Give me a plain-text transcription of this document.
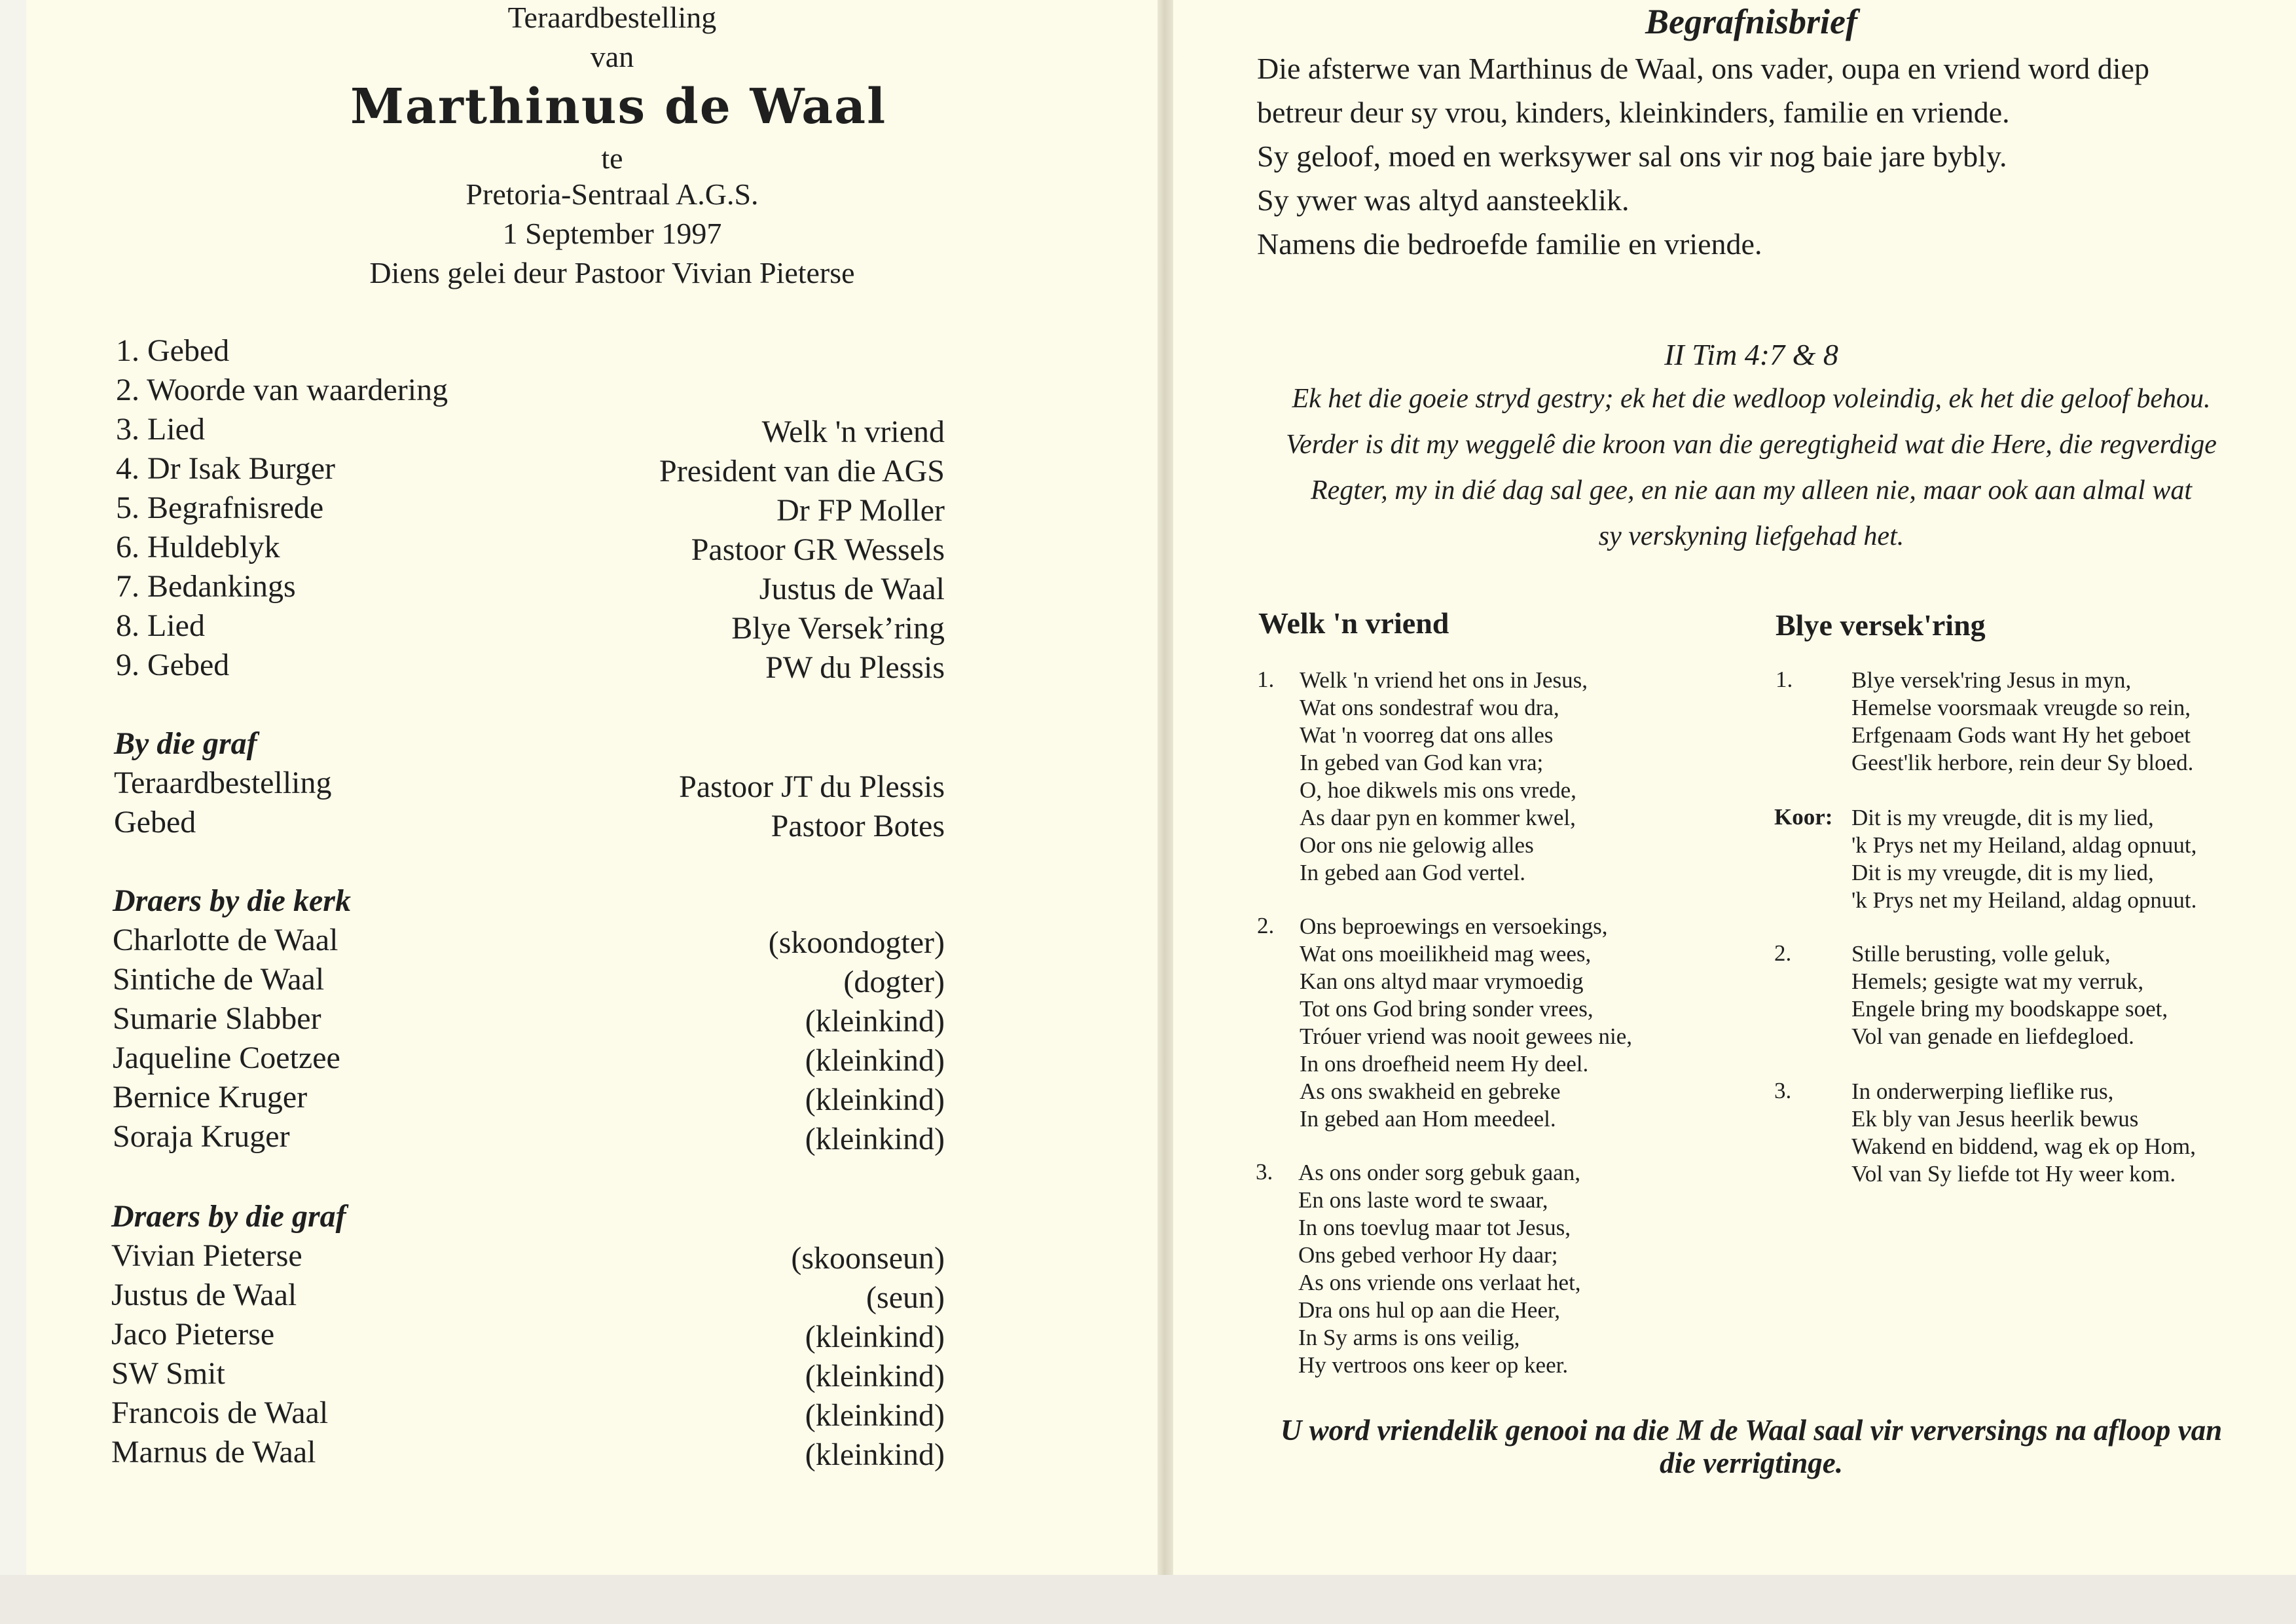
Teraardbestelling
van
Marthinus de Waal
te
Pretoria-Sentraal A.G.S.
1 September 1997
Diens gelei deur Pastoor Vivian Pieterse
1. Gebed
2. Woorde van waardering
3. Lied	Welk 'n vriend
4. Dr Isak Burger	President van die AGS
5. Begrafnisrede	Dr FP Moller
6. Huldeblyk	Pastoor GR Wessels
7. Bedankings	Justus de Waal
8. Lied	Blye Versek’ring
9. Gebed	PW du Plessis
By die graf
Teraardbestelling	Pastoor JT du Plessis
Gebed	Pastoor Botes
Draers by die kerk
Charlotte de Waal	(skoondogter)
Sintiche de Waal	(dogter)
Sumarie Slabber	(kleinkind)
Jaqueline Coetzee	(kleinkind)
Bernice Kruger	(kleinkind)
Soraja Kruger	(kleinkind)
Draers by die graf
Vivian Pieterse	(skoonseun)
Justus de Waal	(seun)
Jaco Pieterse	(kleinkind)
SW Smit	(kleinkind)
Francois de Waal	(kleinkind)
Marnus de Waal	(kleinkind)
Begrafnisbrief
Die afsterwe van Marthinus de Waal, ons vader, oupa en vriend word diep
betreur deur sy vrou, kinders, kleinkinders, familie en vriende.
Sy geloof, moed en werksywer sal ons vir nog baie jare bybly.
Sy ywer was altyd aansteeklik.
Namens die bedroefde familie en vriende.
II Tim 4:7 & 8
Ek het die goeie stryd gestry; ek het die wedloop voleindig, ek het die geloof behou.
Verder is dit my weggelê die kroon van die geregtigheid wat die Here, die regverdige
Regter, my in dié dag sal gee, en nie aan my alleen nie, maar ook aan almal wat
sy verskyning liefgehad het.
Welk 'n vriend
1. Welk 'n vriend het ons in Jesus,
Wat ons sondestraf wou dra,
Wat 'n voorreg dat ons alles
In gebed van God kan vra;
O, hoe dikwels mis ons vrede,
As daar pyn en kommer kwel,
Oor ons nie gelowig alles
In gebed aan God vertel.
2. Ons beproewings en versoekings,
Wat ons moeilikheid mag wees,
Kan ons altyd maar vrymoedig
Tot ons God bring sonder vrees,
Tróuer vriend was nooit gewees nie,
In ons droefheid neem Hy deel.
As ons swakheid en gebreke
In gebed aan Hom meedeel.
3. As ons onder sorg gebuk gaan,
En ons laste word te swaar,
In ons toevlug maar tot Jesus,
Ons gebed verhoor Hy daar;
As ons vriende ons verlaat het,
Dra ons hul op aan die Heer,
In Sy arms is ons veilig,
Hy vertroos ons keer op keer.
Blye versek'ring
1.	Blye versek'ring Jesus in myn,
Hemelse voorsmaak vreugde so rein,
Erfgenaam Gods want Hy het geboet
Geest'lik herbore, rein deur Sy bloed.
Koor: Dit is my vreugde, dit is my lied,
'k Prys net my Heiland, aldag opnuut,
Dit is my vreugde, dit is my lied,
'k Prys net my Heiland, aldag opnuut.
2.	Stille berusting, volle geluk,
Hemels; gesigte wat my verruk,
Engele bring my boodskappe soet,
Vol van genade en liefdegloed.
3.	In onderwerping lieflike rus,
Ek bly van Jesus heerlik bewus
Wakend en biddend, wag ek op Hom,
Vol van Sy liefde tot Hy weer kom.
U word vriendelik genooi na die M de Waal saal vir verversings na afloop van
die verrigtinge.
